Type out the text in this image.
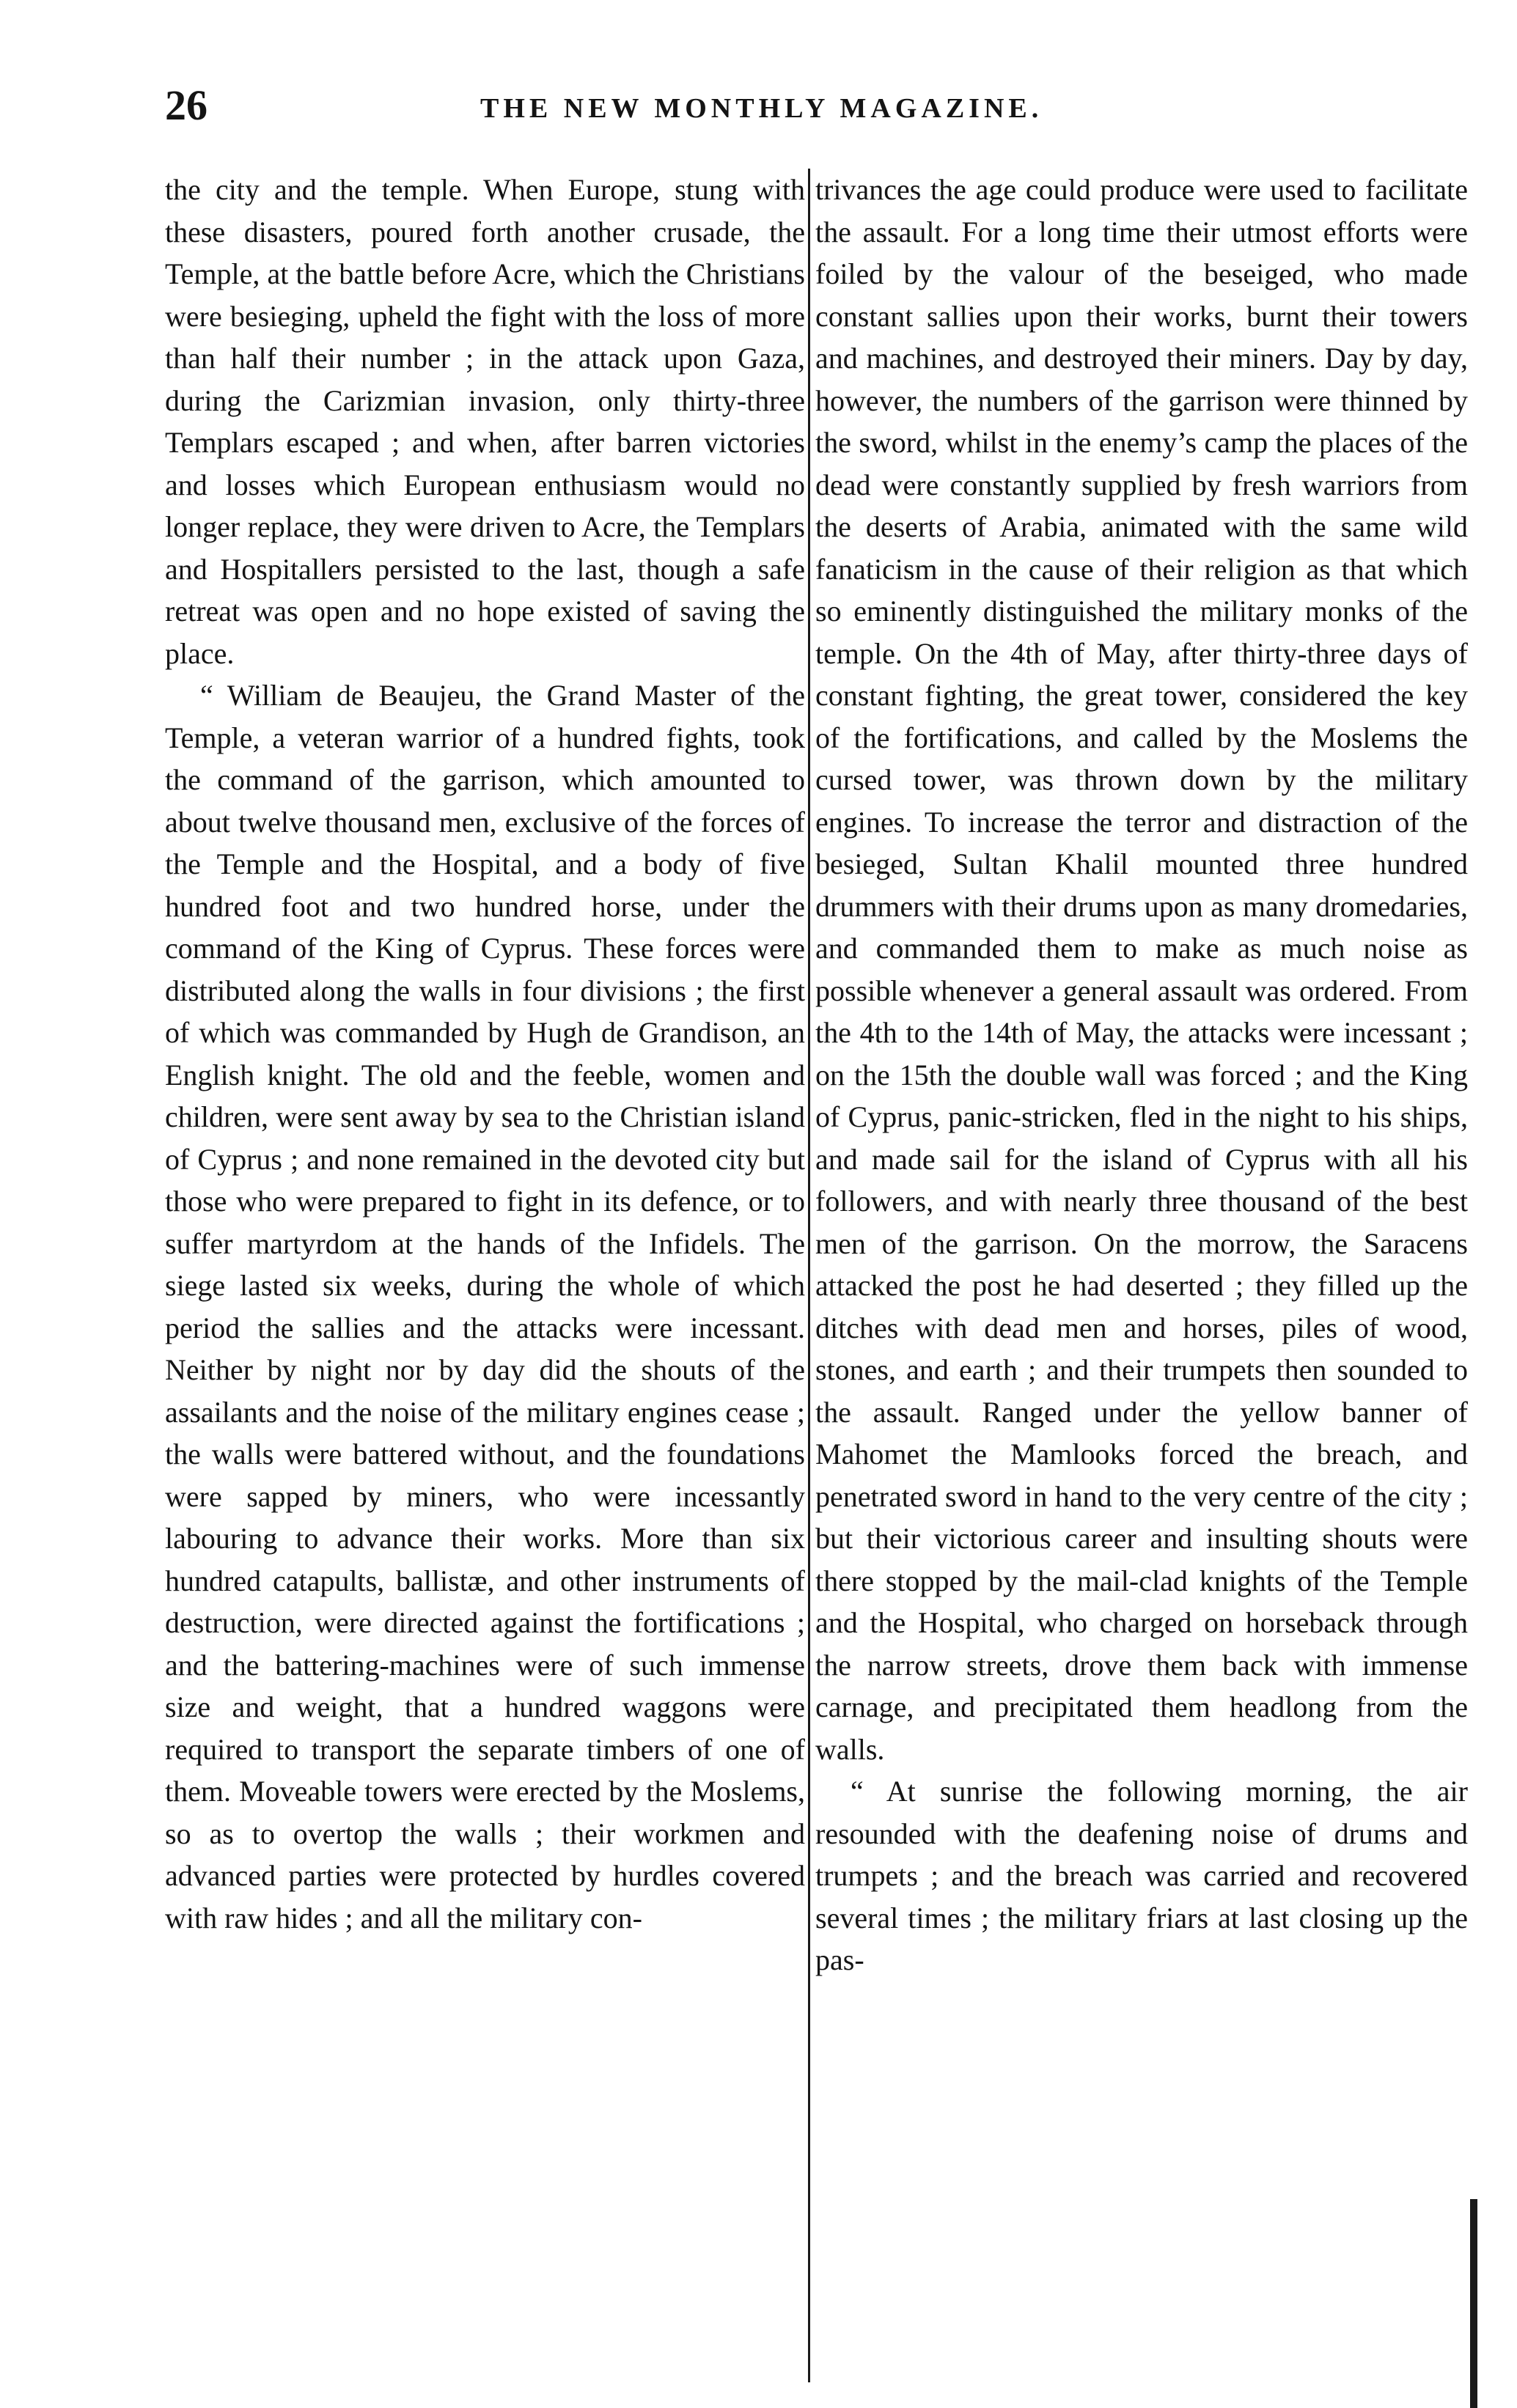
26	THE NEW MONTHLY MAGAZINE.

the city and the temple. When Europe, stung with these disasters, poured forth another crusade, the Temple, at the battle before Acre, which the Christians were besieging, upheld the fight with the loss of more than half their number ; in the attack upon Gaza, during the Carizmian invasion, only thirty-three Templars escaped ; and when, after barren victories and losses which European enthusiasm would no longer replace, they were driven to Acre, the Templars and Hospitallers persisted to the last, though a safe retreat was open and no hope existed of saving the place.

“ William de Beaujeu, the Grand Master of the Temple, a veteran warrior of a hundred fights, took the command of the garrison, which amounted to about twelve thousand men, exclusive of the forces of the Temple and the Hospital, and a body of five hundred foot and two hundred horse, under the command of the King of Cyprus. These forces were distributed along the walls in four divisions ; the first of which was commanded by Hugh de Grandison, an English knight. The old and the feeble, women and children, were sent away by sea to the Christian island of Cyprus ; and none remained in the devoted city but those who were prepared to fight in its defence, or to suffer martyrdom at the hands of the Infidels. The siege lasted six weeks, during the whole of which period the sallies and the attacks were incessant. Neither by night nor by day did the shouts of the assailants and the noise of the military engines cease ; the walls were battered without, and the foundations were sapped by miners, who were incessantly labouring to advance their works. More than six hundred catapults, ballistæ, and other instruments of destruction, were directed against the fortifications ; and the battering-machines were of such immense size and weight, that a hundred waggons were required to transport the separate timbers of one of them. Moveable towers were erected by the Moslems, so as to overtop the walls ; their workmen and advanced parties were protected by hurdles covered with raw hides ; and all the military con-

trivances the age could produce were used to facilitate the assault. For a long time their utmost efforts were foiled by the valour of the beseiged, who made constant sallies upon their works, burnt their towers and machines, and destroyed their miners. Day by day, however, the numbers of the garrison were thinned by the sword, whilst in the enemy’s camp the places of the dead were constantly supplied by fresh warriors from the deserts of Arabia, animated with the same wild fanaticism in the cause of their religion as that which so eminently distinguished the military monks of the temple. On the 4th of May, after thirty-three days of constant fighting, the great tower, considered the key of the fortifications, and called by the Moslems the cursed tower, was thrown down by the military engines. To increase the terror and distraction of the besieged, Sultan Khalil mounted three hundred drummers with their drums upon as many dromedaries, and commanded them to make as much noise as possible whenever a general assault was ordered. From the 4th to the 14th of May, the attacks were incessant ; on the 15th the double wall was forced ; and the King of Cyprus, panic-stricken, fled in the night to his ships, and made sail for the island of Cyprus with all his followers, and with nearly three thousand of the best men of the garrison. On the morrow, the Saracens attacked the post he had deserted ; they filled up the ditches with dead men and horses, piles of wood, stones, and earth ; and their trumpets then sounded to the assault. Ranged under the yellow banner of Mahomet the Mamlooks forced the breach, and penetrated sword in hand to the very centre of the city ; but their victorious career and insulting shouts were there stopped by the mail-clad knights of the Temple and the Hospital, who charged on horseback through the narrow streets, drove them back with immense carnage, and precipitated them headlong from the walls.

“ At sunrise the following morning, the air resounded with the deafening noise of drums and trumpets ; and the breach was carried and recovered several times ; the military friars at last closing up the pas-
